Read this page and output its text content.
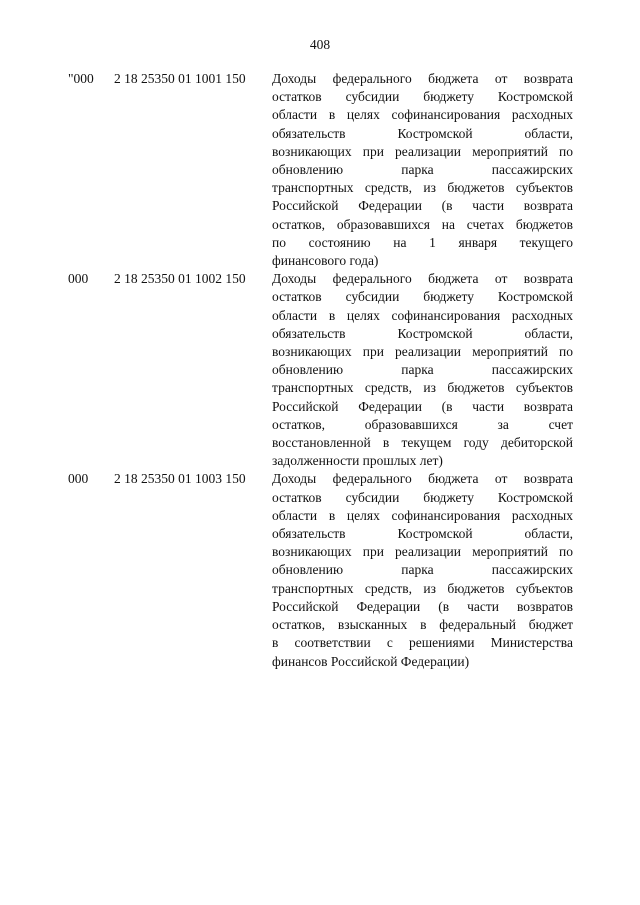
408
"000	2 18 25350 01 1001 150	Доходы федерального бюджета от возврата
остатков субсидии бюджету Костромской
области в целях софинансирования расходных
обязательств Костромской области,
возникающих при реализации мероприятий по
обновлению парка пассажирских
транспортных средств, из бюджетов субъектов
Российской Федерации (в части возврата
остатков, образовавшихся на счетах бюджетов
по состоянию на 1 января текущего
финансового года)
000	2 18 25350 01 1002 150	Доходы федерального бюджета от возврата
остатков субсидии бюджету Костромской
области в целях софинансирования расходных
обязательств Костромской области,
возникающих при реализации мероприятий по
обновлению парка пассажирских
транспортных средств, из бюджетов субъектов
Российской Федерации (в части возврата
остатков, образовавшихся за счет
восстановленной в текущем году дебиторской
задолженности прошлых лет)
000	2 18 25350 01 1003 150	Доходы федерального бюджета от возврата
остатков субсидии бюджету Костромской
области в целях софинансирования расходных
обязательств Костромской области,
возникающих при реализации мероприятий по
обновлению парка пассажирских
транспортных средств, из бюджетов субъектов
Российской Федерации (в части возвратов
остатков, взысканных в федеральный бюджет
в соответствии с решениями Министерства
финансов Российской Федерации)
